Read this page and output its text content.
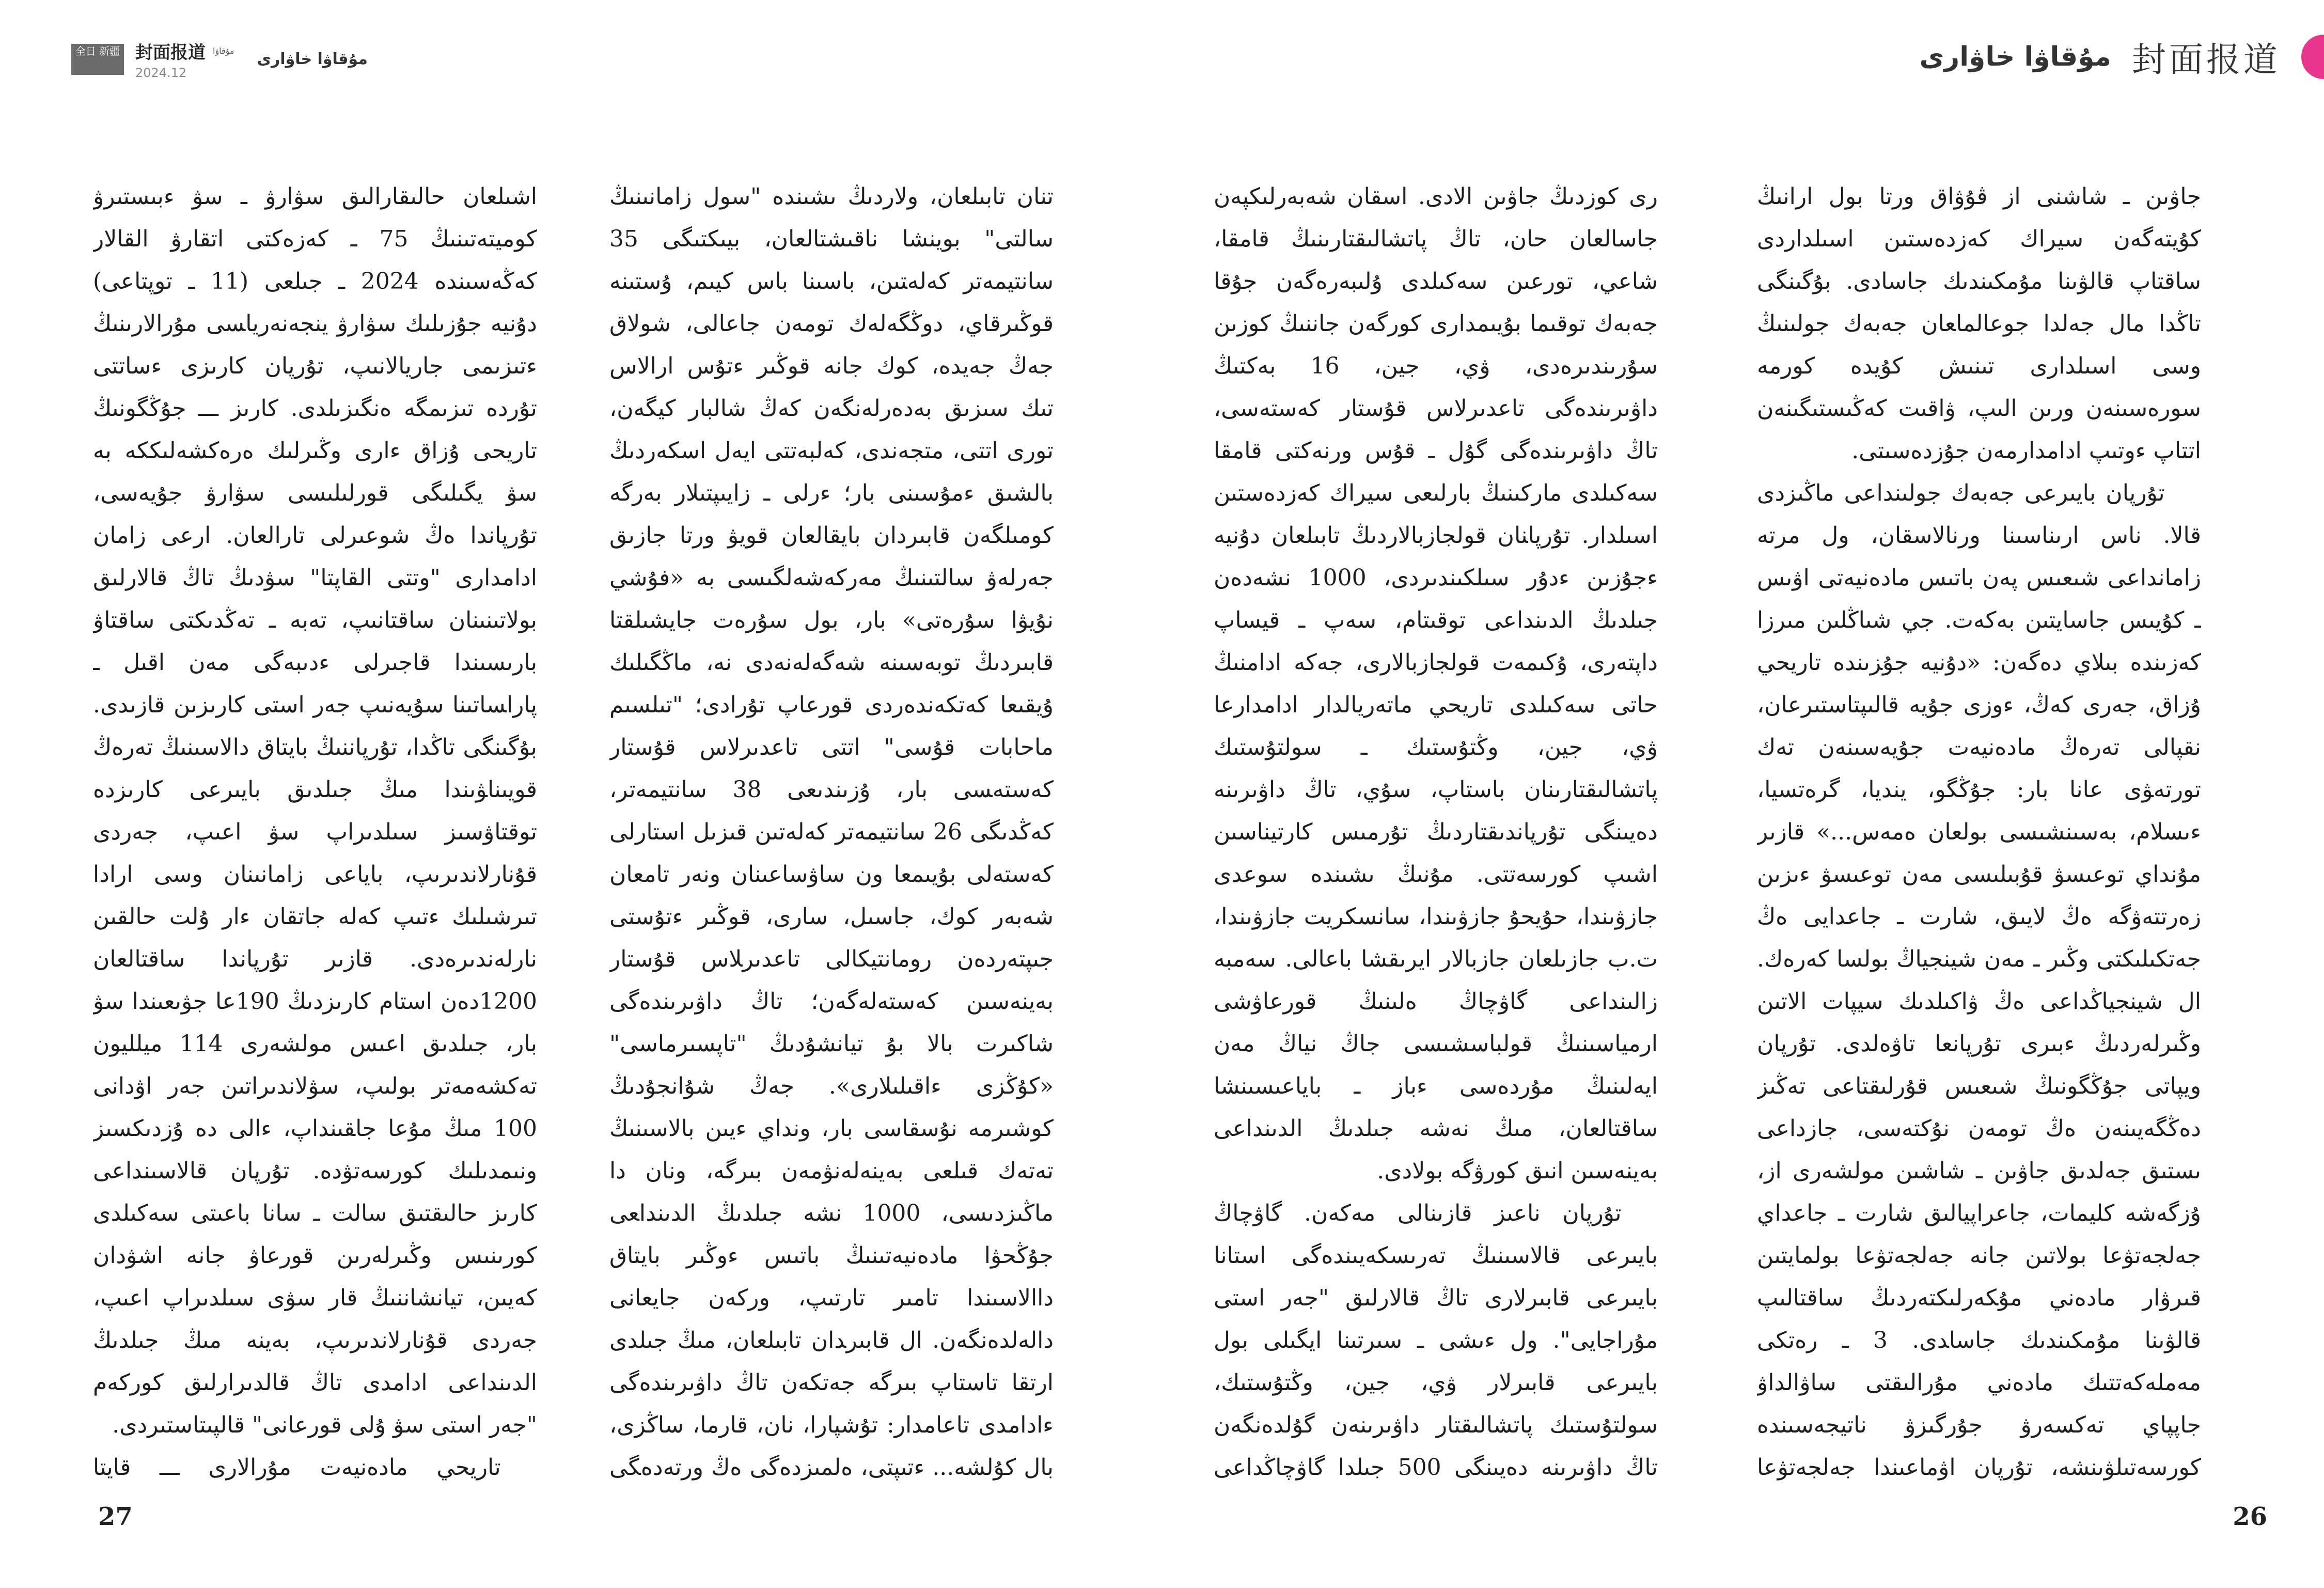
مۇقاۋا خاۋارى 封面报道
全日 新疆 封面报道 مۇقاۋا
2024.12
مۇقاۋا خاۋارى

جاۋىن ـ شاشنى از ڤۇۋاق ورتا بول ارانىڭ كۇيتەگەن سيراك كەزدەستىن اسىلداردى ساقتاپ قالۋىنا مۇم‍كىندىك جاسادى. بۇگىنگى تاڭدا مال جەلدا جوعالما‍عان جەبەك جولىنىڭ وسى اسىلدارى تىنىش كۇيدە كورمە سورەسىنەن ورىن الىپ، ۋاقىت كەڭىستىگىنەن اتتاپ ءوتىپ ادامدارمەن جۇزدەسىتى.

تۇرپان بايىرعى جەبەك جولىنداعى ماڭىزدى قالا. ناس ارىناسىنا ورنالاسقان، ول مرتە زامانداعى شىعىس پەن باتىس مادەنيەتى اۋىس ـ كۇيىس جاسايتىن بەكەت. جي شىاڭلىن مىرزا كەزىندە بىلاي دەگەن: «دۇنيە جۇ‍زىندە تاريحي ۇزاق، جەرى كەڭ، ءوزى جۇيە قالىپتاس‍تىرعان، نقپالى تەرەڭ مادەنيەت جۇيەسىنەن تەك تورتە‍ۋى عانا بار: جۇڭگو، ينديا، گرەتسيا، ءىسلام، بەسىنشى‍سى بولعان ەمەس...» قازىر مۇنداي توعىسۋ قۇبىلىسى مەن توعىسۋ ءىزىن زەرتتەۋگە ەڭ لايىق، شارت ـ جاعدايى ەڭ جەتكىلىكتى وڭىر ـ مەن شينجياڭ بولسا كەرەك. ال شينجياڭداعى ەڭ ۋاكىل‍دىك سيپات الاتىن وڭىرلەردىڭ ءبىرى تۇرپانعا تاۋەلدى. تۇرپان ويپاتى جۇڭگونىڭ شىعىس قۇرلىقتاعى تەڭىز دەڭگەيىنەن ەڭ تومەن نۇكتەسى، جازداعى ىستىق جەلدىق جاۋىن ـ شاشىن مولشەرى از، ۇزگەشە كليمات، جاعراپيالىق شارت ـ جاعداي جەلجەتۋعا بولاتىن جانە جەلجەتۋعا بولمايتىن قىرۋار مادەني مۇ‍كەرلىكتەردىڭ ساقتالىپ قالۋىنا مۇمكىندىك جاسا‍دى. 3 ـ رەتكى مەملەكەتتىك مادەني مۇرالىقتى ساۋالداۋ جاپپاي تەكسەرۋ جۇرگىزۋ ناتيجەسىندە كورسەتىلۋىن‍شە، تۇرپان اۋماعىندا جەلجەتۋعا

رى كوزدىڭ جاۋىن الادى. اسقان شەبەرلىكپەن جاسال‍عان حان، تاڭ پاتشالىقتارىنىڭ قامقا، شاعي، تورعىن سەكىلدى ۇلىبەرەگەن جۇقا جەبەك توقىما بۇيىمدارى كورگەن جاننىڭ كوزىن سۇرىندىرەدى، ۋي، جين، 16 بەكتىڭ داۋىرىندەگى تاعدىرلاس قۇستار كەستەسى، تاڭ داۋىرىندەگى گۇل ـ قۇس ورنەكتى قامقا سەكىلدى ماركىنىڭ بارلىعى سيراك كەزدەستىن اسىلدار. تۇرپا‍نان قولجازبالاردىڭ تابىلعان دۇنيە ءجۇزىن ءدۇر سىل‍كىندىردى، 1000 نشەدەن جىلدىڭ الدىنداعى توقىتام، سەپ ـ قيساپ داپتەرى، ۇكىمەت قولجازبالارى، جەكە ادامنىڭ حاتى سەكىلدى تاريحي ماتەريالدار ادامدارعا ۋي، جين، وڭتۇستىك ـ سولتۇستىك پاتشالىقتارىنان باستاپ، سۇي، تاڭ داۋىرىنە دەيىنگى تۇرپاندىقتاردىڭ تۇرمىس كارتيناسىن اشىپ كورسەتتى. مۇنىڭ ىشىندە سوعدى جازۋىندا، حۇيحۇ جازۋىندا، سانسكريت جازۋىندا، ت.ب جازىلعان جازبالار ايرىقشا باعالى. سەمبە زالىنداعى گاۋچاڭ ەلىنىڭ قورعاۋشى ارمياسىنىڭ قولباسشىسى جاڭ نياڭ مەن ايەلىنىڭ مۇردەسى ءباز ـ باياعىسىنشا ساقتالعان، مىڭ نەشە جىلدىڭ الدىنداعى بەينەسىن انىق كورۋگە بولادى.

تۇرپان ناعىز قازىنالى مەكەن. گاۋچاڭ بايىرعى قالاسىنىڭ تەرىسكەيىندەگى استانا بايىرعى قابىرلارى تاڭ قالارلىق "جەر استى مۇراجايى". ول ءىشى ـ سىرتىنا ايگىلى بول بايىرعى قابىرلار ۋي، جين، وڭتۇس‍تىك، سولتۇستىك پاتشالىقتار داۋىرىنەن گۇلدەنگەن تاڭ داۋىرىنە دەيىنگى 500 جىلدا گاۋچاڭداعى

تنان تابىلعان، ولاردىڭ ىشىندە "سول زامانىنىڭ سالتى" بوينشا ناقىشتالعان، بيىكتىگى 35 سانتيمەتر كەلە‍تىن، باسىنا باس كيىم، ۇستىنە قوڭىرقاي، دوڭگەلەك تومەن جاعالى، شولاق جەڭ جەيدە، كوك جانە قوڭىر ءتۇس ارالاس تىك سىزىق بەدەرلەنگەن كەڭ شالبار كيگەن، تورى اتتى، متجەندى، كەلبەتتى ايەل اسكەردىڭ بالشىق ءمۇسىنى بار؛ ءرلى ـ زايىپتىلار بەرگە كومىل‍گەن قابىردان بايقالعان قويۋ ورتا جازىق جەرلەۋ سالتى‍نىڭ مەركەشەلگىسى بە «فۇشي نۇيۋا سۇرەتى» بار، بول سۇرەت جايشىلقتا قابىردىڭ توبەسىنە شەگەلەنەدى نە، ماڭگىلىك ۇيقىعا كەتكەندەردى قورعاپ تۇرادى؛ "تىل‍سىم ماحابات قۇسى" اتتى تاعدىرلاس قۇستار كەستە‍سى بار، ۇزىندىعى 38 سانتيمەتر، كەڭدىگى 26 سانتيمەتر كەلەتىن قىزىل استارلى كەستەلى بۇيىمعا ون ساۋساعىنان ونەر تامعان شەبەر كوك، جاسىل، سارى، قوڭىر ءتۇستى جىپتەردەن رومانتيكالى تاعدىر‍لاس قۇستار بەينەسىن كەستەلەگەن؛ تاڭ داۋىرىندەگى شاكىرت بالا بۇ تيانشۇدىڭ "تاپسىرماسى" «كۇڭزى ءاقىلىلارى». جەڭ شۇانجۇدىڭ كوشىرمە نۇسقاسى بار، ونداي ءيىن بالاسىنىڭ تەتەك قىلعى بەينەلەنۋمەن بىرگە، ونان دا ماڭىزدىسى، 1000 نشە جىلدىڭ الدىندا‍عى جۇڭحۋا مادەنيەتىنىڭ باتىس ءوڭىر بايتاق داالاسىن‍دا تامىر تارتىپ، وركەن جايعانى دالەلدەنگەن. ال قابىر‍دان تابىلعان، مىڭ جىلدى ارتقا تاستاپ بىرگە جەتكەن تاڭ داۋىرىندەگى ءادامدى تاعامدار: تۇشپارا، نان، قارما، ساڭزى، بال كۇلشە... ءتىپتى، ەلمىزدەگى ەڭ ورتەدە‍گى

اشىلعان حالىقارالىق سۋارۋ ـ سۋ ءبىستىرۋ كوميتەتى‍نىڭ 75 ـ كەزەكتى اتقارۋ القالار كەڭەسىندە 2024 ـ جىلعى (11 ـ توپتاعى) دۇنيە جۇزىلىك سۋارۋ ينجەنەريا‍سى مۇرالارىنىڭ ءتىزىمى جاريالانىپ، تۇرپان كارىزى ءساتتى تۇردە تىزىمگە ەنگىزىلدى. كارىز ـــ جۇڭگونىڭ تاريحى ۇزاق ءارى وڭىرلىك ەرەكشەلىككە بە سۋ يگىلى‍گى قورلىلىسى سۋارۋ جۇيەسى، تۇرپاندا ەڭ شوعىرلى تارالعان. ارعى زامان ادامدارى "وتتى القاپتا" سۋدىڭ تاڭ قالارلىق بولاتىنىنان ساقتانىپ، تەبە ـ تەڭدىكتى ساقتاۋ بارىسىندا قاجىرلى ءدىبەگى مەن اقىل ـ پارا‍ساتىنا سۇيەنىپ جەر استى كارىزىن قازىدى. بۇگىن‍گى تاڭدا، تۇرپاننىڭ بايتاق دالاسىنىڭ تەرەڭ قويىنا‍ۋىندا مىڭ جىلدىق بايىرعى كارىزدە توقتاۋسىز سىلدىراپ سۋ اعىپ، جەردى قۇنارلاندىرىپ، باياعى زامانىنان وسى ارادا تىرشىلىك ءتىپ كەلە جاتقان ءار ۇلت حالقىن نارلەندىرەدى. قازىر تۇرپاندا ساقتالعان 1200دەن استام كارىزدىڭ 190عا جۋىعىندا سۋ بار، جىلدىق اعىس مولشەرى 114 ميلليون تەكشەمەتر بولىپ، سۋلاندىراتىن جەر اۋدانى 100 مىڭ مۇعا جا‍قىنداپ، ءالى دە ۇزدىكسىز ونىمدىلىك كورسەتۋدە. تۇرپان قالاسىنداعى كارىز حالىقتىق سالت ـ سانا باعىتى سەكىلدى كورىنىس وڭىرلەرىن قورعاۋ جانە اشۋدان كەيىن، تيانشاننىڭ قار سۋى سىلدىراپ اعىپ، جەردى قۇنارلاندىرىپ، بەينە مىڭ جىلدىڭ الدىنداعى ادامدى تاڭ قالدىرارلىق كوركەم "جەر استى سۋ ۇلى قورعانى" قالپىتاستىردى.

تاريحي مادەنيەت مۇرالارى ـــ قايتا

27	26
